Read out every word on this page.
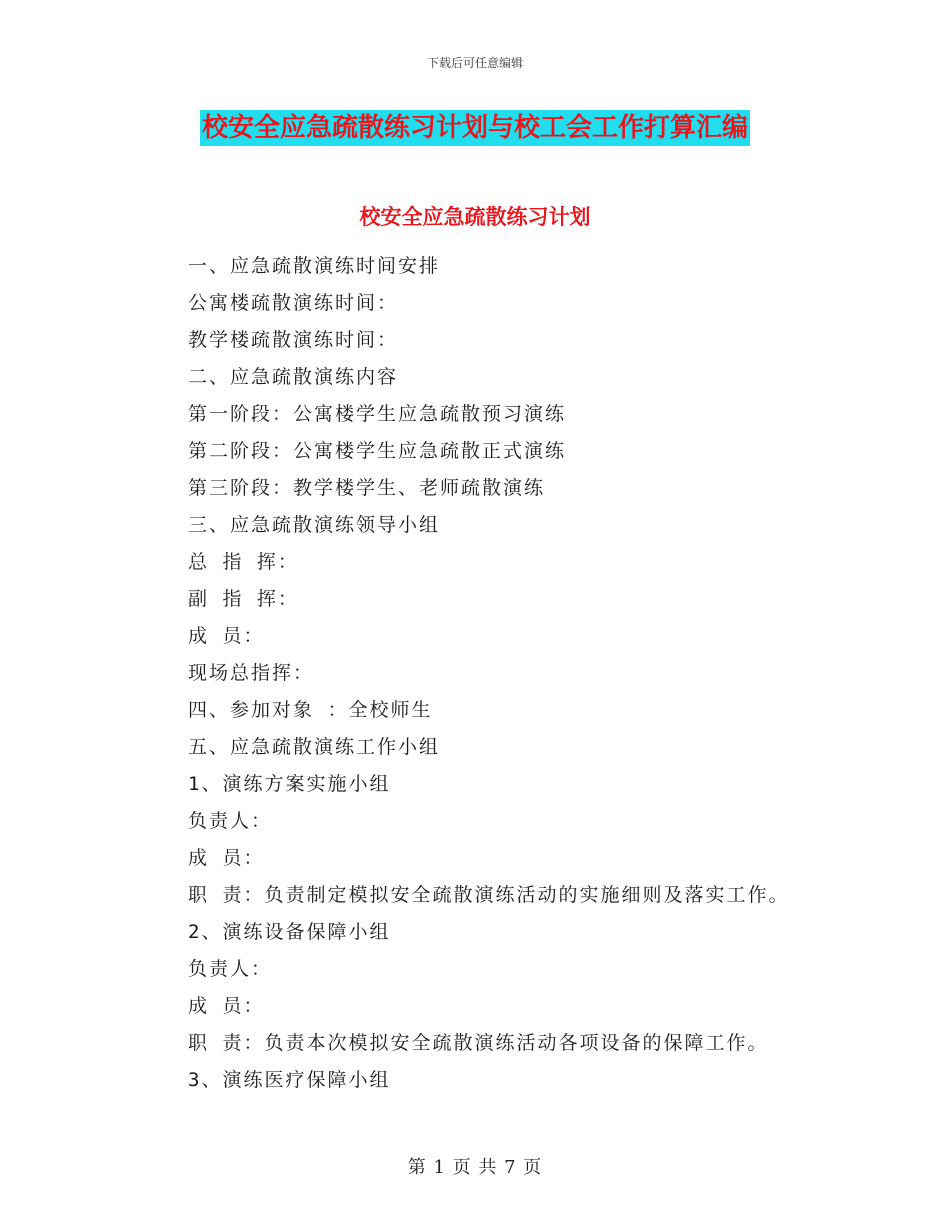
下载后可任意编辑
校安全应急疏散练习计划与校工会工作打算汇编
校安全应急疏散练习计划
一、应急疏散演练时间安排
公寓楼疏散演练时间：
教学楼疏散演练时间：
二、应急疏散演练内容
第一阶段：公寓楼学生应急疏散预习演练
第二阶段：公寓楼学生应急疏散正式演练
第三阶段：教学楼学生、老师疏散演练
三、应急疏散演练领导小组
总 指 挥：
副 指 挥：
成 员：
现场总指挥：
四、参加对象 ：全校师生
五、应急疏散演练工作小组
1、演练方案实施小组
负责人：
成 员：
职 责：负责制定模拟安全疏散演练活动的实施细则及落实工作。
2、演练设备保障小组
负责人：
成 员：
职 责：负责本次模拟安全疏散演练活动各项设备的保障工作。
3、演练医疗保障小组
第 1 页 共 7 页
